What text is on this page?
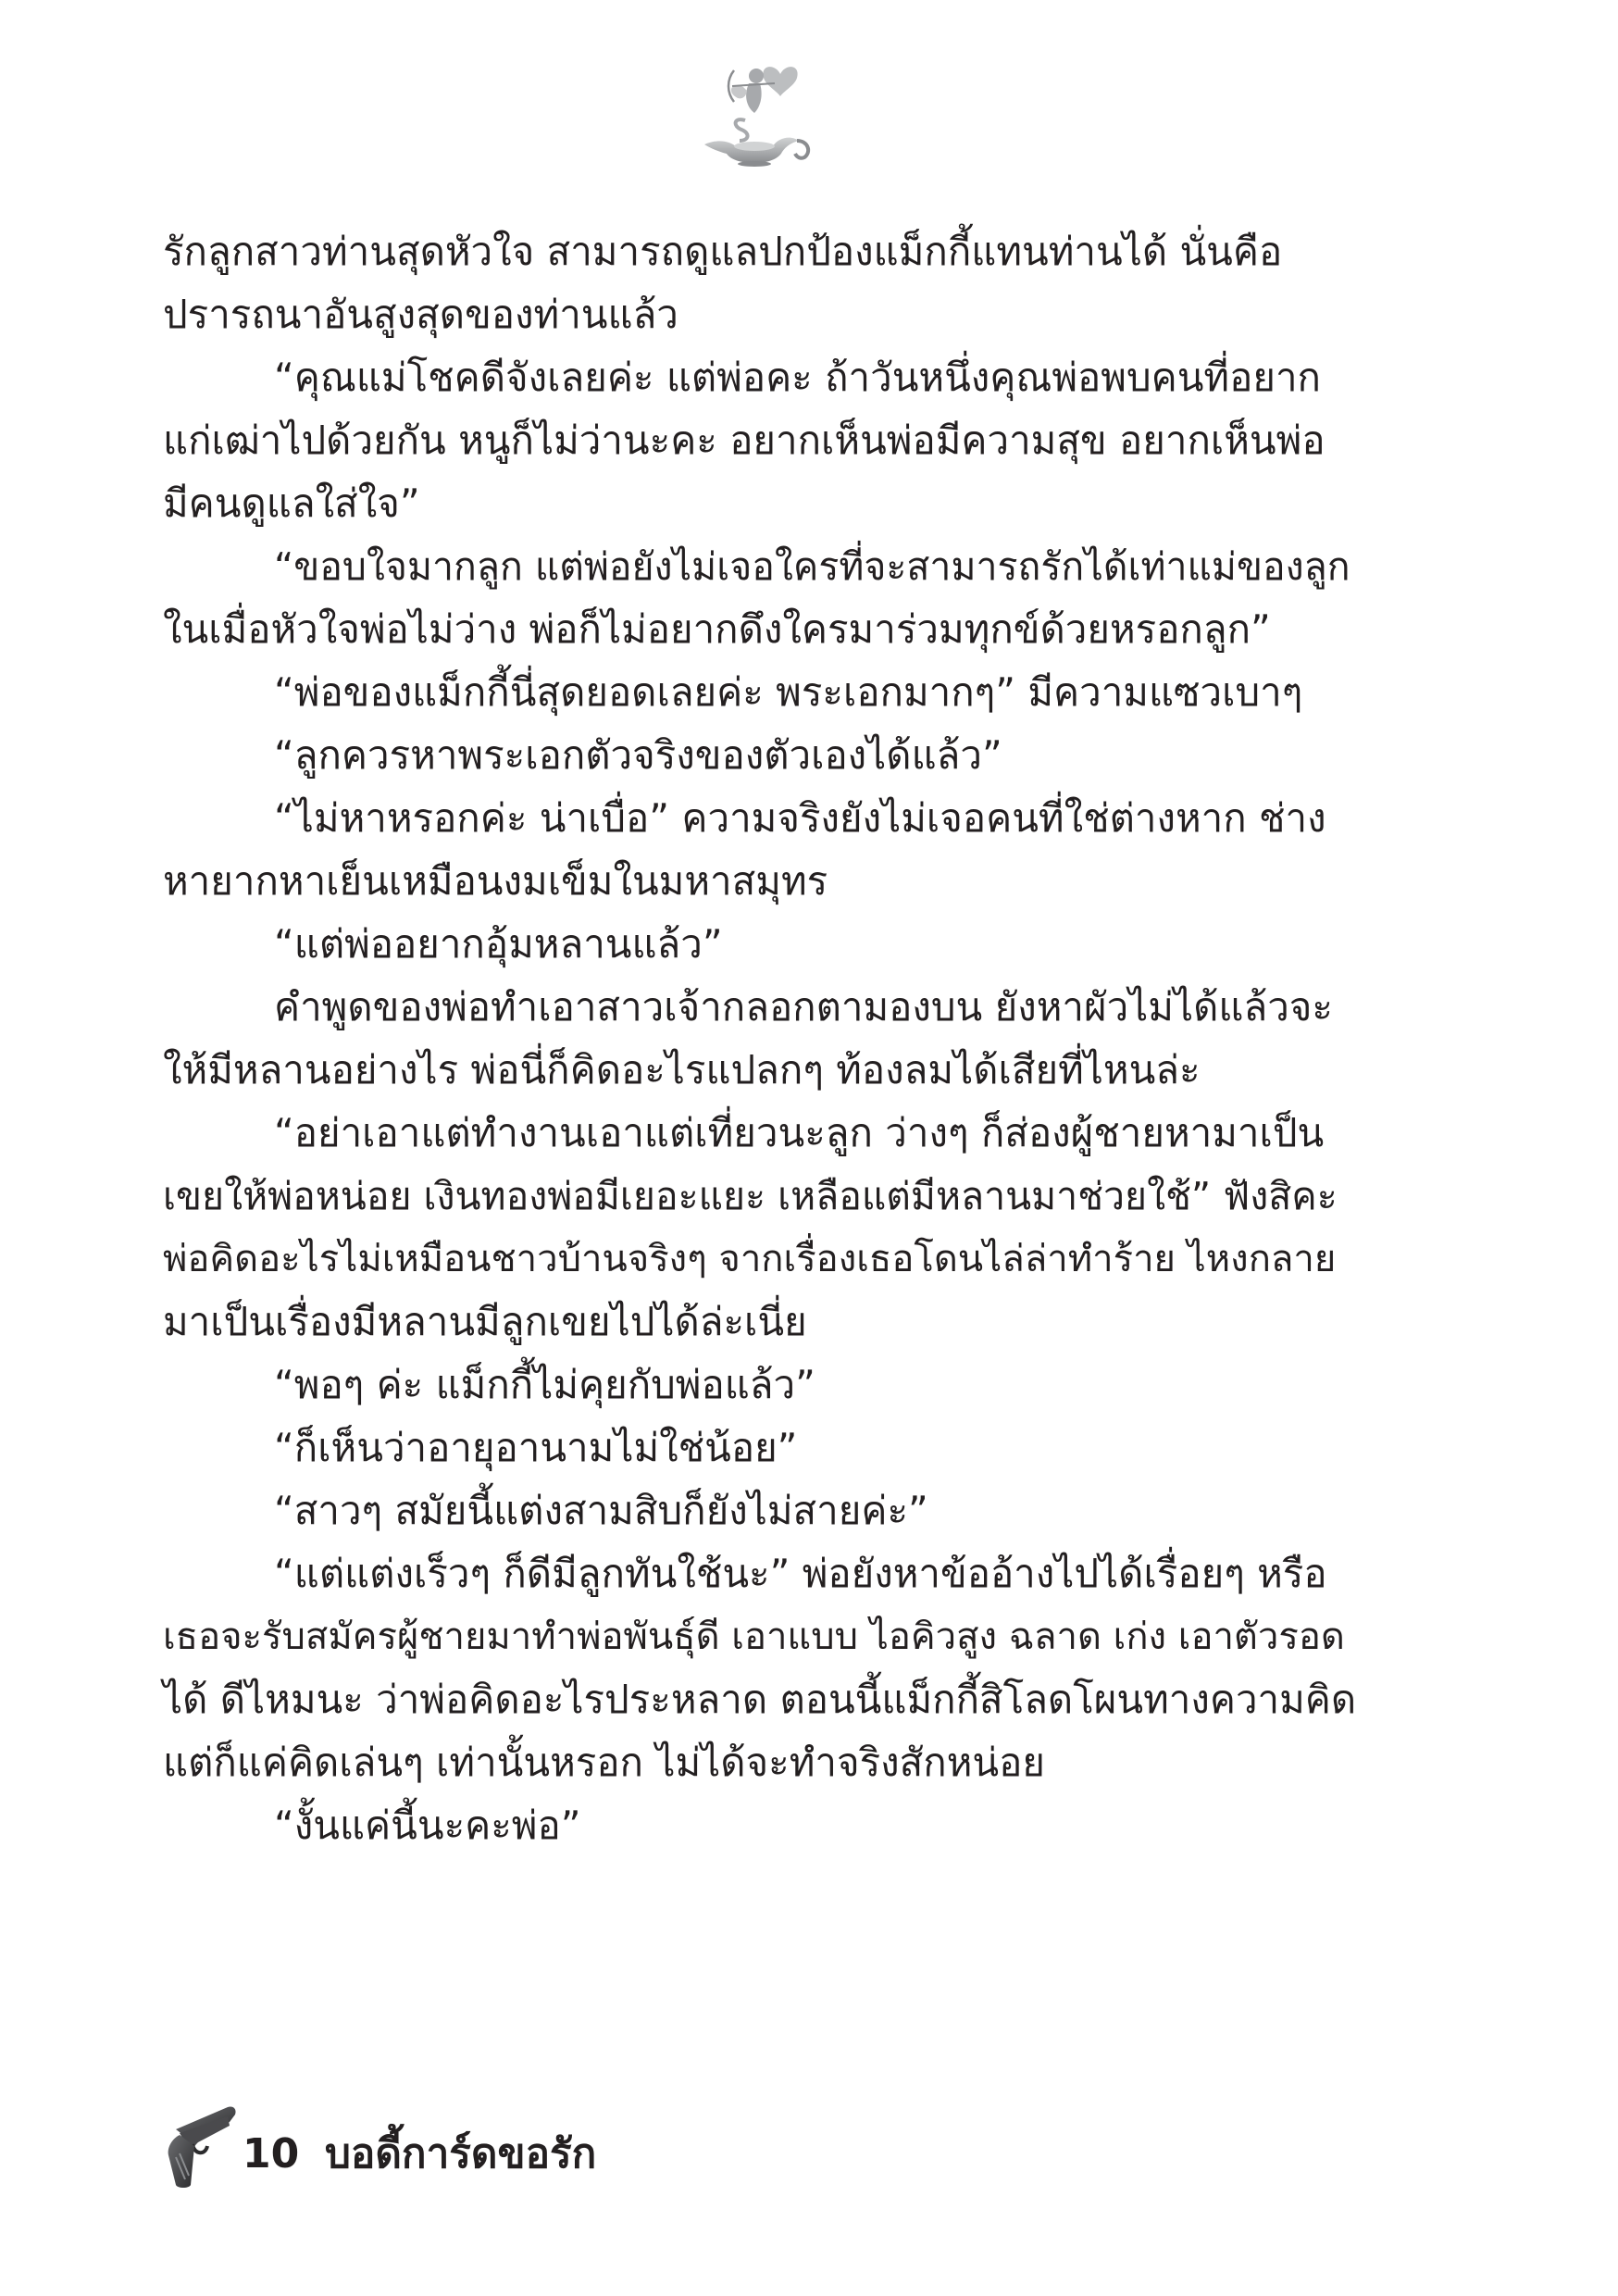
รักลูกสาวท่านสุดหัวใจ สามารถดูแลปกป้องแม็กกี้แทนท่านได้ นั่นคือ
ปรารถนาอันสูงสุดของท่านแล้ว
“คุณแม่โชคดีจังเลยค่ะ แต่พ่อคะ ถ้าวันหนึ่งคุณพ่อพบคนที่อยาก
แก่เฒ่าไปด้วยกัน หนูก็ไม่ว่านะคะ อยากเห็นพ่อมีความสุข อยากเห็นพ่อ
มีคนดูแลใส่ใจ”
“ขอบใจมากลูก แต่พ่อยังไม่เจอใครที่จะสามารถรักได้เท่าแม่ของลูก
ในเมื่อหัวใจพ่อไม่ว่าง พ่อก็ไม่อยากดึงใครมาร่วมทุกข์ด้วยหรอกลูก”
“พ่อของแม็กกี้นี่สุดยอดเลยค่ะ พระเอกมากๆ” มีความแซวเบาๆ
“ลูกควรหาพระเอกตัวจริงของตัวเองได้แล้ว”
“ไม่หาหรอกค่ะ น่าเบื่อ” ความจริงยังไม่เจอคนที่ใช่ต่างหาก ช่าง
หายากหาเย็นเหมือนงมเข็มในมหาสมุทร
“แต่พ่ออยากอุ้มหลานแล้ว”
คำพูดของพ่อทำเอาสาวเจ้ากลอกตามองบน ยังหาผัวไม่ได้แล้วจะ
ให้มีหลานอย่างไร พ่อนี่ก็คิดอะไรแปลกๆ ท้องลมได้เสียที่ไหนล่ะ
“อย่าเอาแต่ทำงานเอาแต่เที่ยวนะลูก ว่างๆ ก็ส่องผู้ชายหามาเป็น
เขยให้พ่อหน่อย เงินทองพ่อมีเยอะแยะ เหลือแต่มีหลานมาช่วยใช้” ฟังสิคะ
พ่อคิดอะไรไม่เหมือนชาวบ้านจริงๆ จากเรื่องเธอโดนไล่ล่าทำร้าย ไหงกลาย
มาเป็นเรื่องมีหลานมีลูกเขยไปได้ล่ะเนี่ย
“พอๆ ค่ะ แม็กกี้ไม่คุยกับพ่อแล้ว”
“ก็เห็นว่าอายุอานามไม่ใช่น้อย”
“สาวๆ สมัยนี้แต่งสามสิบก็ยังไม่สายค่ะ”
“แต่แต่งเร็วๆ ก็ดีมีลูกทันใช้นะ” พ่อยังหาข้ออ้างไปได้เรื่อยๆ หรือ
เธอจะรับสมัครผู้ชายมาทำพ่อพันธุ์ดี เอาแบบ ไอคิวสูง ฉลาด เก่ง เอาตัวรอด
ได้ ดีไหมนะ ว่าพ่อคิดอะไรประหลาด ตอนนี้แม็กกี้สิโลดโผนทางความคิด
แต่ก็แค่คิดเล่นๆ เท่านั้นหรอก ไม่ได้จะทำจริงสักหน่อย
“งั้นแค่นี้นะคะพ่อ”
10 บอดี้การ์ดขอรัก
